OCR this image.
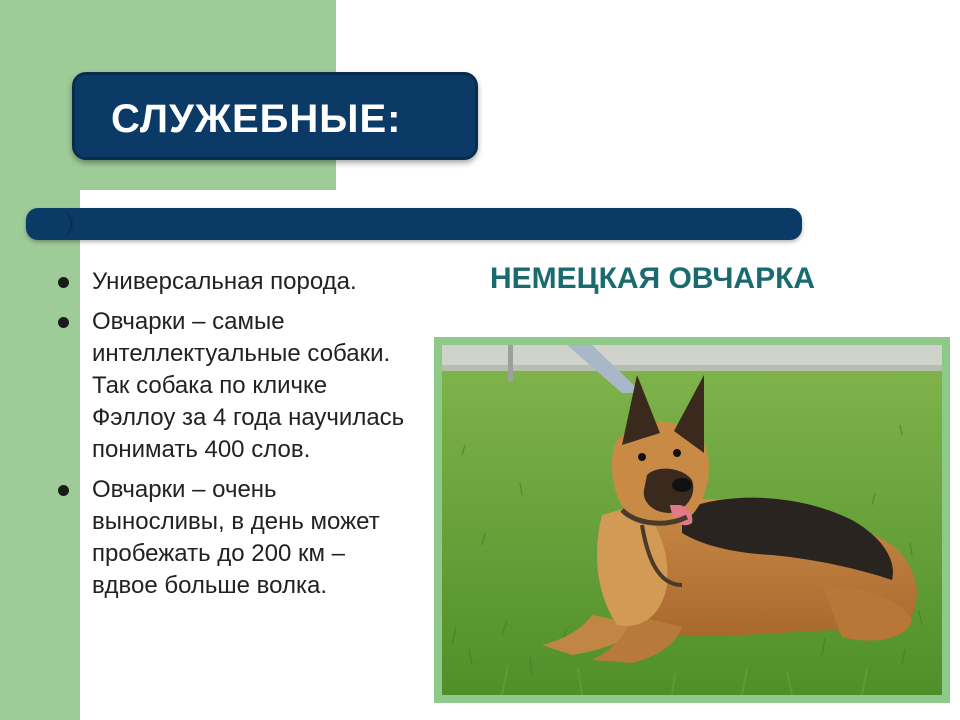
СЛУЖЕБНЫЕ:
Универсальная порода.
Овчарки – самые интеллектуальные собаки. Так собака по кличке Фэллоу за 4 года научилась понимать 400 слов.
Овчарки – очень выносливы, в день может пробежать до 200 км – вдвое больше волка.
НЕМЕЦКАЯ ОВЧАРКА
